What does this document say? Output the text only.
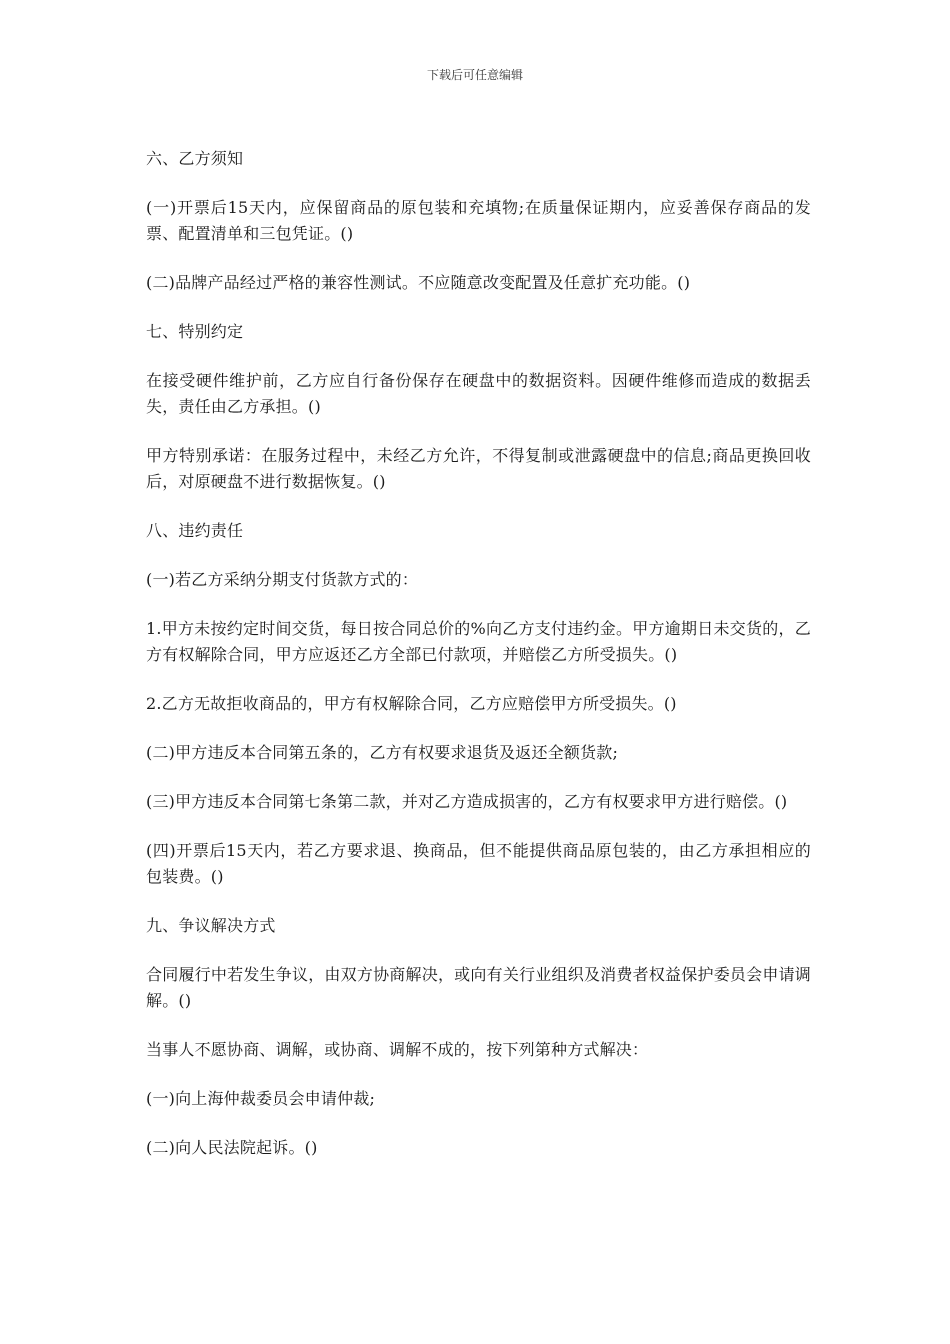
下载后可任意编辑

六、乙方须知

(一)开票后15天内，应保留商品的原包装和充填物;在质量保证期内，应妥善保存商品的发票、配置清单和三包凭证。()

(二)品牌产品经过严格的兼容性测试。不应随意改变配置及任意扩充功能。()

七、特别约定

在接受硬件维护前，乙方应自行备份保存在硬盘中的数据资料。因硬件维修而造成的数据丢失，责任由乙方承担。()

甲方特别承诺：在服务过程中，未经乙方允许，不得复制或泄露硬盘中的信息;商品更换回收后，对原硬盘不进行数据恢复。()

八、违约责任

(一)若乙方采纳分期支付货款方式的：

1.甲方未按约定时间交货，每日按合同总价的%向乙方支付违约金。甲方逾期日未交货的，乙方有权解除合同，甲方应返还乙方全部已付款项，并赔偿乙方所受损失。()

2.乙方无故拒收商品的，甲方有权解除合同，乙方应赔偿甲方所受损失。()

(二)甲方违反本合同第五条的，乙方有权要求退货及返还全额货款;

(三)甲方违反本合同第七条第二款，并对乙方造成损害的，乙方有权要求甲方进行赔偿。()

(四)开票后15天内，若乙方要求退、换商品，但不能提供商品原包装的，由乙方承担相应的包装费。()

九、争议解决方式

合同履行中若发生争议，由双方协商解决，或向有关行业组织及消费者权益保护委员会申请调解。()

当事人不愿协商、调解，或协商、调解不成的，按下列第种方式解决：

(一)向上海仲裁委员会申请仲裁;

(二)向人民法院起诉。()
